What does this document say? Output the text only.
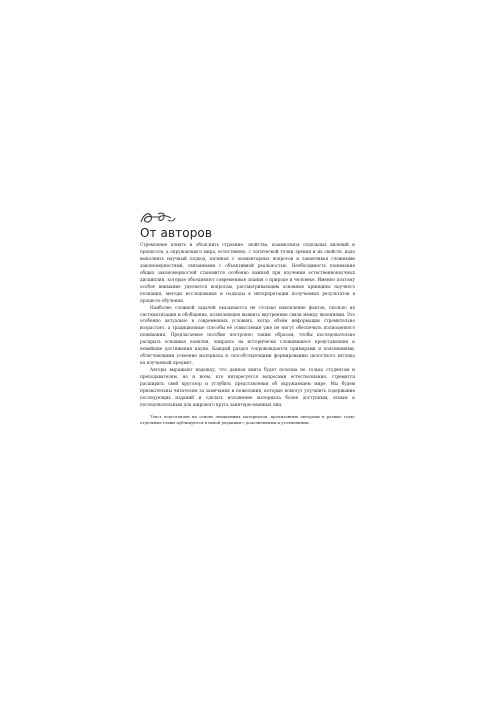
От авторов

Стремление понять и объяснить строение, свойства, взаимосвязь отдельных явлений и процессов, а окружающего мира, естественно, с логической точки зрения и их свойств, надо выполнить научный подход, начиная с элементарных вопросов и заканчивая сложными закономерностями, связанными с объективной реальностью. Необходимость понимания общих закономерностей становится особенно важной при изучении естественнонаучных дисциплин, которые объединяют современные знания о природе и человеке. Именно поэтому особое внимание уделяется вопросам, рассматривающим основные принципы научного познания, методы исследования и подходы к интерпретации получаемых результатов в процессе обучения.

Наиболее сложной задачей оказывается не столько накопление фактов, сколько их систематизация и обобщение, позволяющее выявить внутренние связи между явлениями. Это особенно актуально в современных условиях, когда объём информации стремительно возрастает, а традиционные способы её осмысления уже не могут обеспечить полноценного понимания. Предлагаемое пособие построено таким образом, чтобы последовательно раскрыть основные понятия, опираясь на исторически сложившиеся представления и новейшие достижения науки. Каждый раздел сопровождается примерами и пояснениями, облегчающими усвоение материала и способствующими формированию целостного взгляда на изучаемый предмет.

Авторы выражают надежду, что данная книга будет полезна не только студентам и преподавателям, но и всем, кто интересуется вопросами естествознания, стремится расширить свой кругозор и углубить представления об окружающем мире. Мы будем признательны читателям за замечания и пожелания, которые помогут улучшить содержание последующих изданий и сделать изложение материала более доступным, ясным и последовательным для широкого круга заинтересованных лиц.

Текст подготовлен на основе лекционных материалов, прочитанных авторами в разные годы; отдельные главы публикуются в новой редакции с дополнениями и уточнениями.
